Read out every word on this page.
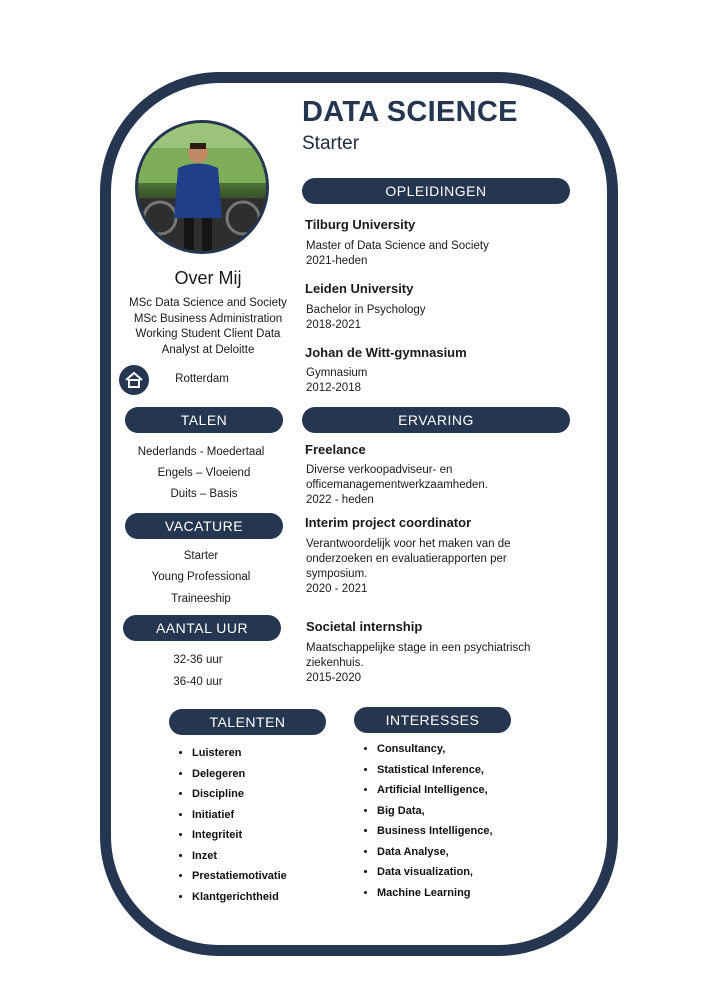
DATA SCIENCE
Starter
Over Mij
MSc Data Science and Society
MSc Business Administration
Working Student Client Data
Analyst at Deloitte
Rotterdam
TALEN
Nederlands - Moedertaal
Engels – Vloeiend
Duits – Basis
VACATURE
Starter
Young Professional
Traineeship
AANTAL UUR
32-36 uur
36-40 uur
OPLEIDINGEN
Tilburg University
Master of Data Science and Society
2021-heden
Leiden University
Bachelor in Psychology
2018-2021
Johan de Witt-gymnasium
Gymnasium
2012-2018
ERVARING
Freelance
Diverse verkoopadviseur- en
officemanagementwerkzaamheden.
2022 - heden
Interim project coordinator
Verantwoordelijk voor het maken van de
onderzoeken en evaluatierapporten per
symposium.
2020 - 2021
Societal internship
Maatschappelijke stage in een psychiatrisch
ziekenhuis.
2015-2020
TALENTEN
• Luisteren
• Delegeren
• Discipline
• Initiatief
• Integriteit
• Inzet
• Prestatiemotivatie
• Klantgerichtheid
INTERESSES
• Consultancy,
• Statistical Inference,
• Artificial Intelligence,
• Big Data,
• Business Intelligence,
• Data Analyse,
• Data visualization,
• Machine Learning
